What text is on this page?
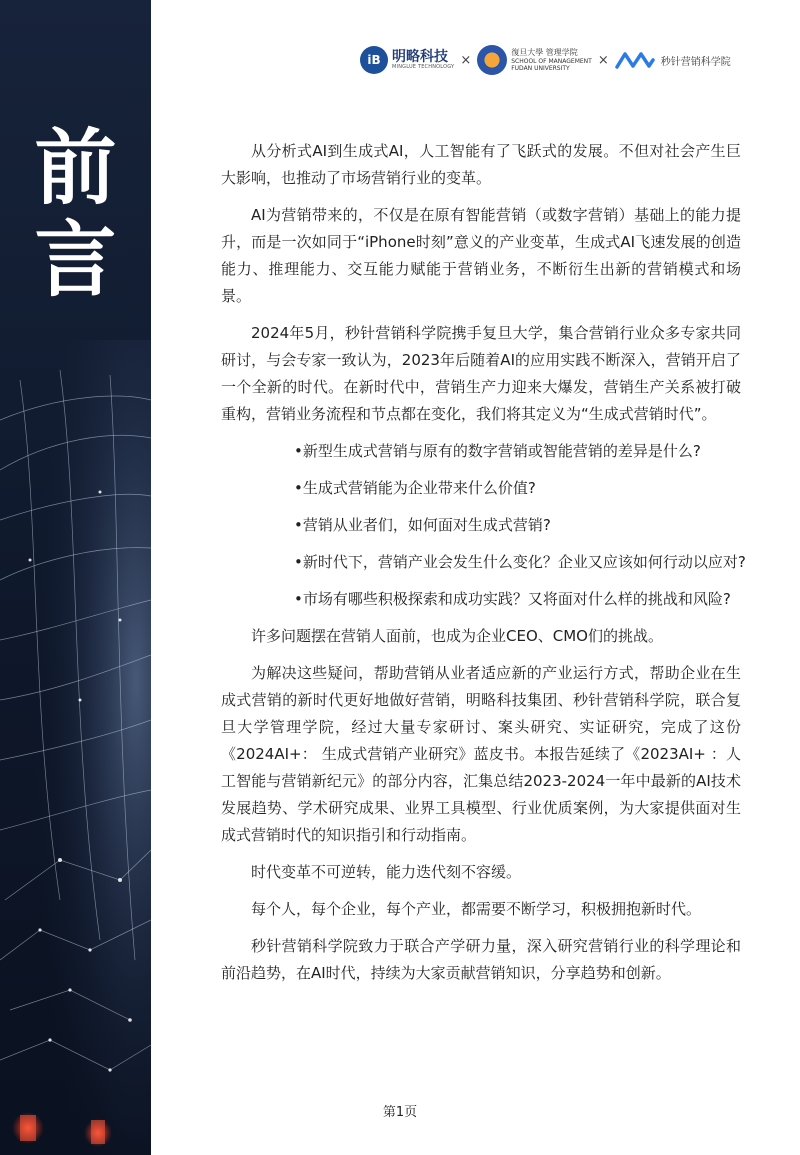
前
言
iB 明略科技
MINGLUE TECHNOLOGY ×
復旦大學 管理学院
SCHOOL OF MANAGEMENT
FUDAN UNIVERSITY
×	秒针营销科学院

从分析式AI到生成式AI，人工智能有了飞跃式的发展。不但对社会产生巨大影响，也推动了市场营销行业的变革。

AI为营销带来的，不仅是在原有智能营销（或数字营销）基础上的能力提升，而是一次如同于“iPhone时刻”意义的产业变革，生成式AI飞速发展的创造能力、推理能力、交互能力赋能于营销业务，不断衍生出新的营销模式和场景。

2024年5月，秒针营销科学院携手复旦大学，集合营销行业众多专家共同研讨，与会专家一致认为，2023年后随着AI的应用实践不断深入，营销开启了一个全新的时代。在新时代中，营销生产力迎来大爆发，营销生产关系被打破重构，营销业务流程和节点都在变化，我们将其定义为“生成式营销时代”。

•新型生成式营销与原有的数字营销或智能营销的差异是什么?
•生成式营销能为企业带来什么价值?
•营销从业者们，如何面对生成式营销?
•新时代下，营销产业会发生什么变化？企业又应该如何行动以应对?
•市场有哪些积极探索和成功实践？又将面对什么样的挑战和风险?

许多问题摆在营销人面前，也成为企业CEO、CMO们的挑战。

为解决这些疑问，帮助营销从业者适应新的产业运行方式，帮助企业在生成式营销的新时代更好地做好营销，明略科技集团、秒针营销科学院，联合复旦大学管理学院，经过大量专家研讨、案头研究、实证研究，完成了这份《2024AI+： 生成式营销产业研究》蓝皮书。本报告延续了《2023AI+ ：人工智能与营销新纪元》的部分内容，汇集总结2023-2024一年中最新的AI技术发展趋势、学术研究成果、业界工具模型、行业优质案例，为大家提供面对生成式营销时代的知识指引和行动指南。

时代变革不可逆转，能力迭代刻不容缓。

每个人，每个企业，每个产业，都需要不断学习，积极拥抱新时代。

秒针营销科学院致力于联合产学研力量，深入研究营销行业的科学理论和前沿趋势，在AI时代，持续为大家贡献营销知识，分享趋势和创新。

第1页
